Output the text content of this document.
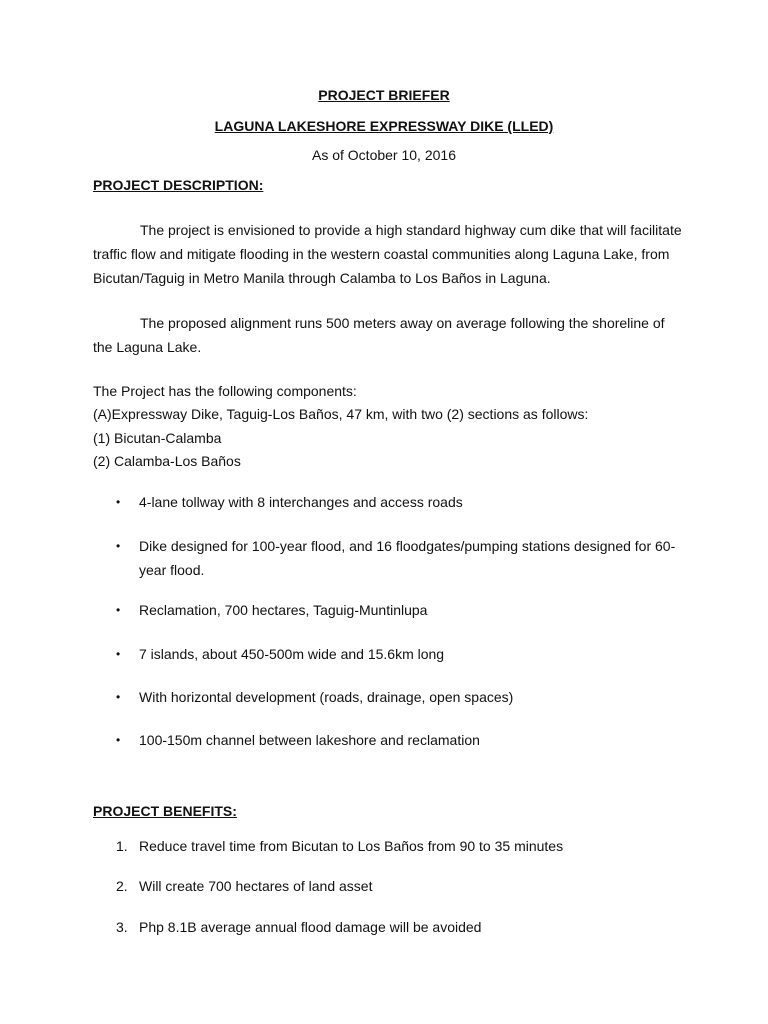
PROJECT BRIEFER
LAGUNA LAKESHORE EXPRESSWAY DIKE (LLED)
As of October 10, 2016
PROJECT DESCRIPTION:

The project is envisioned to provide a high standard highway cum dike that will facilitate traffic flow and mitigate flooding in the western coastal communities along Laguna Lake, from Bicutan/Taguig in Metro Manila through Calamba to Los Baños in Laguna.

The proposed alignment runs 500 meters away on average following the shoreline of the Laguna Lake.

The Project has the following components:
(A)Expressway Dike, Taguig-Los Baños, 47 km, with two (2) sections as follows:
(1) Bicutan-Calamba
(2) Calamba-Los Baños
• 4-lane tollway with 8 interchanges and access roads
• Dike designed for 100-year flood, and 16 floodgates/pumping stations designed for 60-year flood.
• Reclamation, 700 hectares, Taguig-Muntinlupa
• 7 islands, about 450-500m wide and 15.6km long
• With horizontal development (roads, drainage, open spaces)
• 100-150m channel between lakeshore and reclamation
PROJECT BENEFITS:
1. Reduce travel time from Bicutan to Los Baños from 90 to 35 minutes
2. Will create 700 hectares of land asset
3. Php 8.1B average annual flood damage will be avoided
